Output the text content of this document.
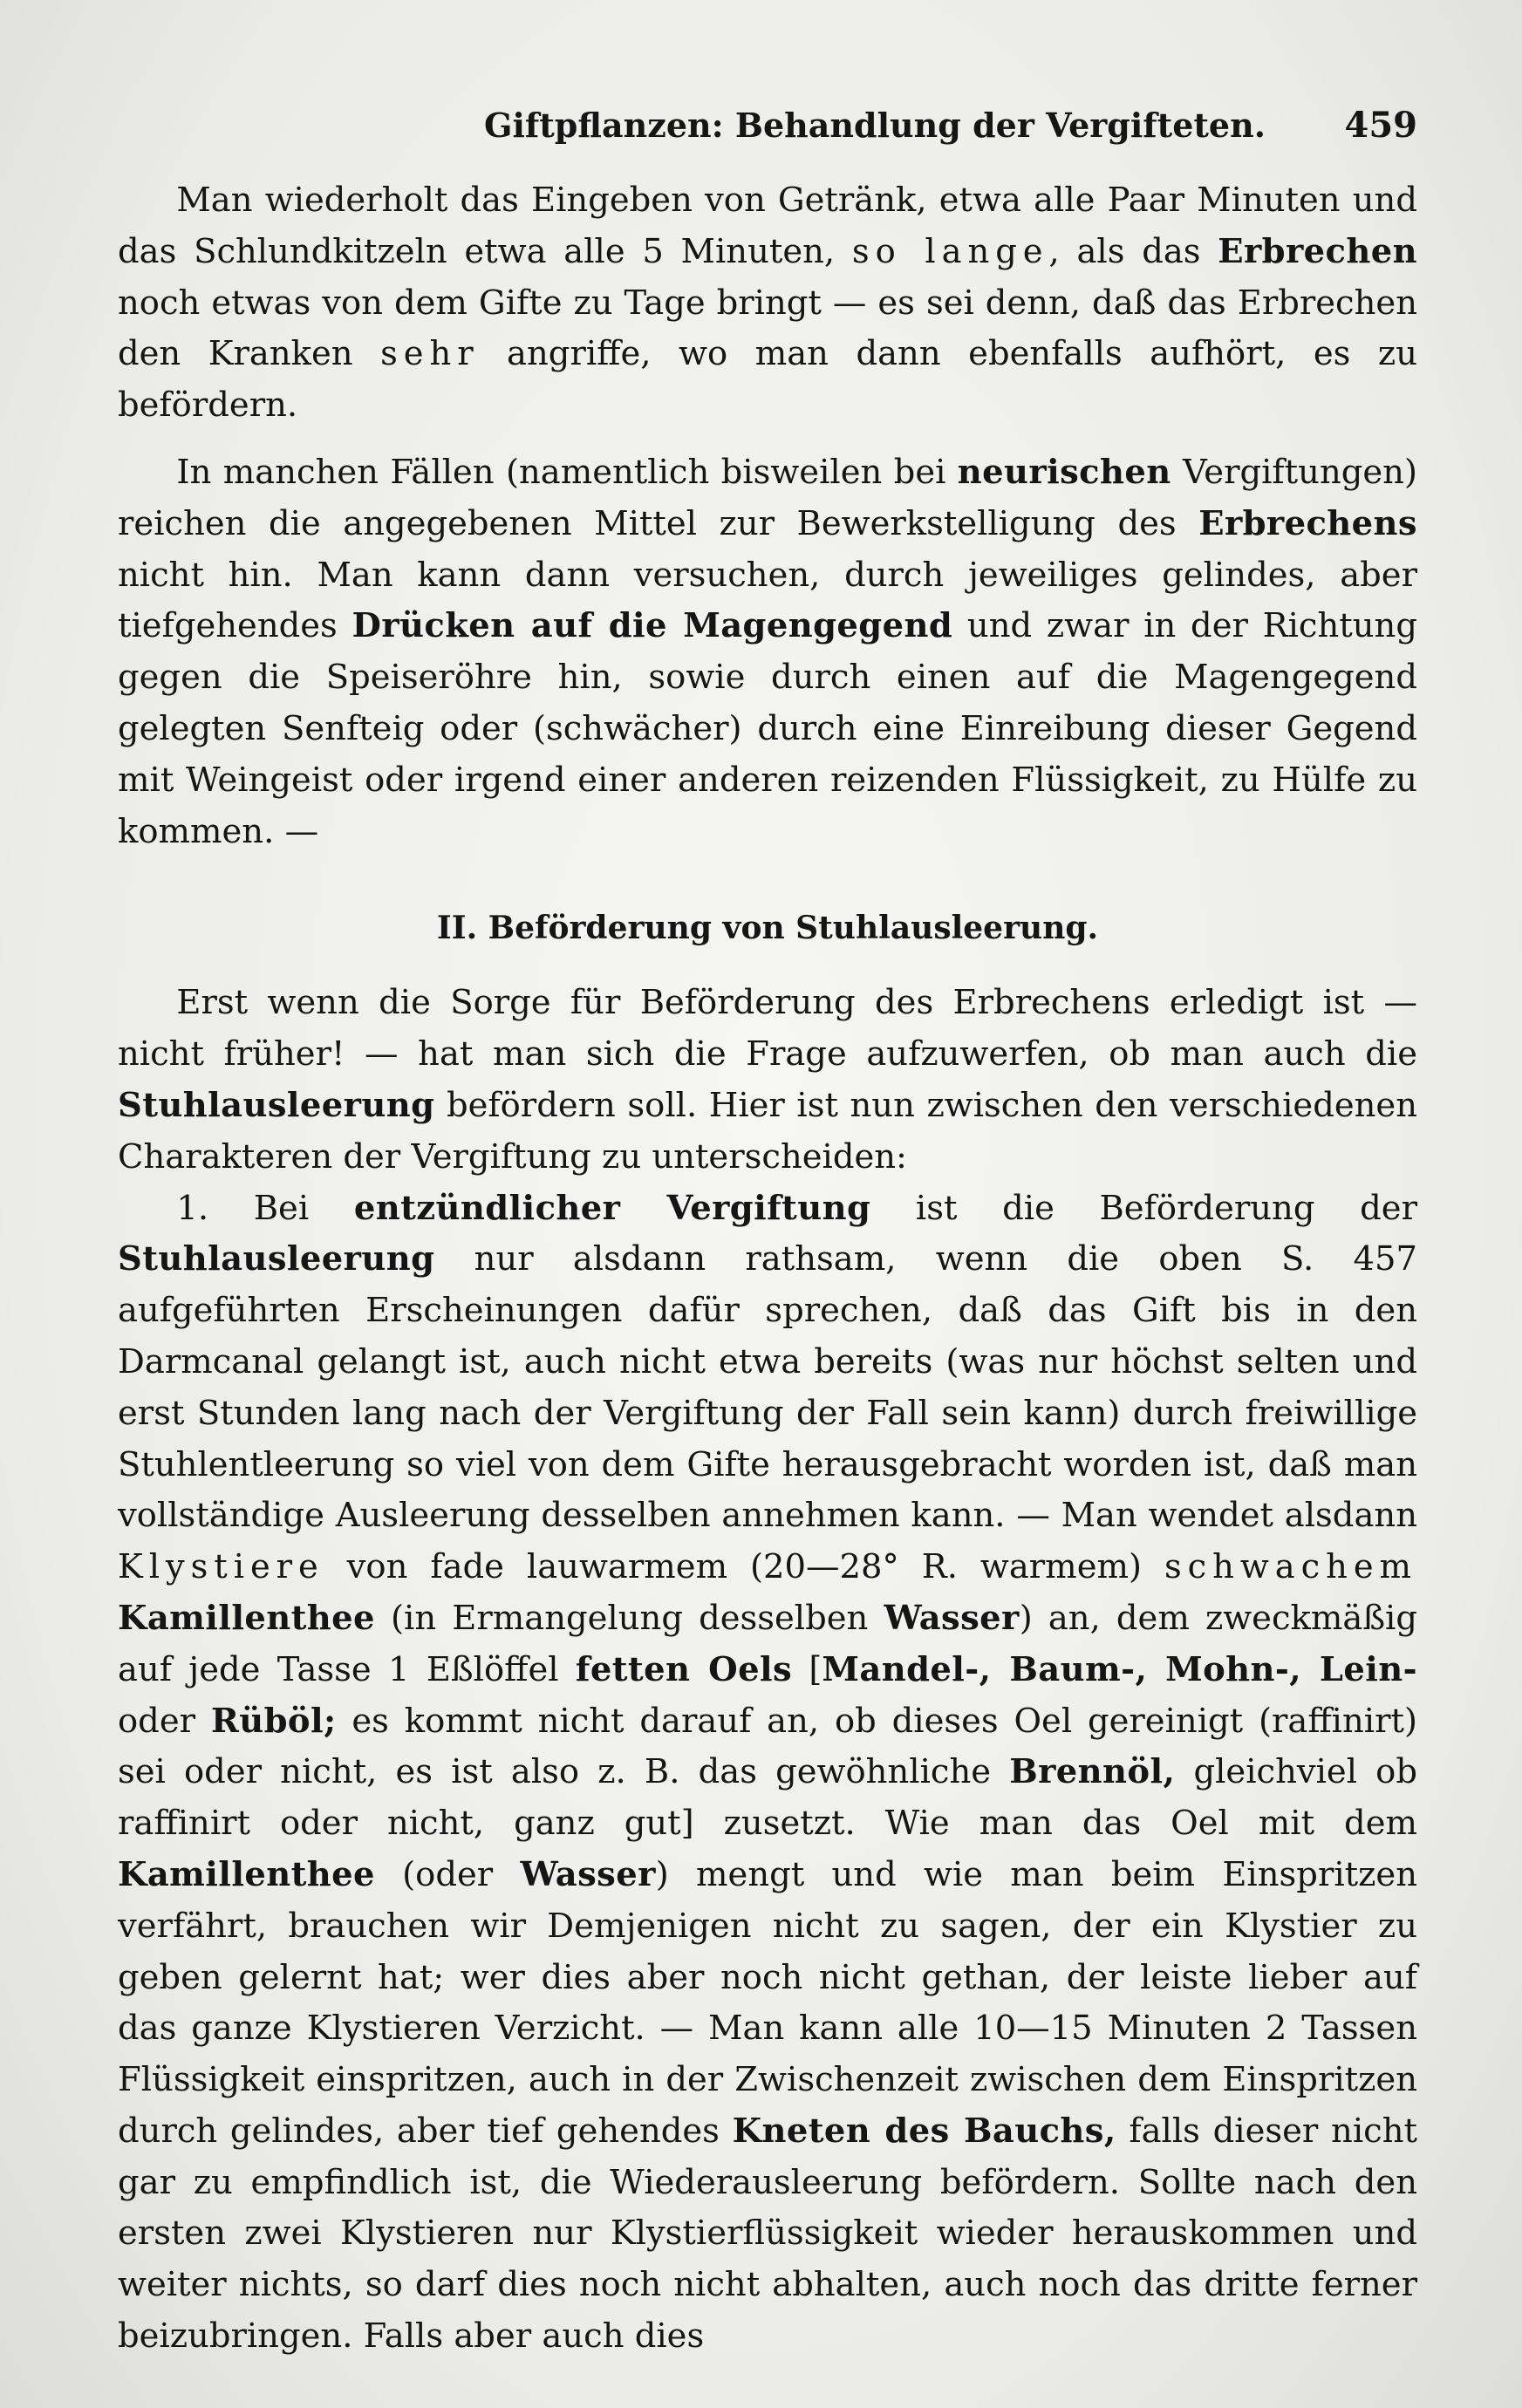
Giftpflanzen: Behandlung der Vergifteten. 459

Man wiederholt das Eingeben von Getränk, etwa alle Paar Minuten und das Schlundkitzeln etwa alle 5 Minuten, so lange, als das Erbrechen noch etwas von dem Gifte zu Tage bringt — es sei denn, daß das Erbrechen den Kranken sehr angriffe, wo man dann ebenfalls aufhört, es zu befördern.

In manchen Fällen (namentlich bisweilen bei neurischen Vergiftungen) reichen die angegebenen Mittel zur Bewerkstelligung des Erbrechens nicht hin. Man kann dann versuchen, durch jeweiliges gelindes, aber tiefgehendes Drücken auf die Magengegend und zwar in der Richtung gegen die Speiseröhre hin, sowie durch einen auf die Magengegend gelegten Senfteig oder (schwächer) durch eine Einreibung dieser Gegend mit Weingeist oder irgend einer anderen reizenden Flüssigkeit, zu Hülfe zu kommen. —

II. Beförderung von Stuhlausleerung.

Erst wenn die Sorge für Beförderung des Erbrechens erledigt ist — nicht früher! — hat man sich die Frage aufzuwerfen, ob man auch die Stuhlausleerung befördern soll. Hier ist nun zwischen den verschiedenen Charakteren der Vergiftung zu unterscheiden:

1. Bei entzündlicher Vergiftung ist die Beförderung der Stuhlausleerung nur alsdann rathsam, wenn die oben S. 457 aufgeführten Erscheinungen dafür sprechen, daß das Gift bis in den Darmcanal gelangt ist, auch nicht etwa bereits (was nur höchst selten und erst Stunden lang nach der Vergiftung der Fall sein kann) durch freiwillige Stuhlentleerung so viel von dem Gifte herausgebracht worden ist, daß man vollständige Ausleerung desselben annehmen kann. — Man wendet alsdann Klystiere von fade lauwarmem (20—28° R. warmem) schwachem Kamillenthee (in Ermangelung desselben Wasser) an, dem zweckmäßig auf jede Tasse 1 Eßlöffel fetten Oels [Mandel-, Baum-, Mohn-, Lein- oder Rüböl; es kommt nicht darauf an, ob dieses Oel gereinigt (raffinirt) sei oder nicht, es ist also z. B. das gewöhnliche Brennöl, gleichviel ob raffinirt oder nicht, ganz gut] zusetzt. Wie man das Oel mit dem Kamillenthee (oder Wasser) mengt und wie man beim Einspritzen verfährt, brauchen wir Demjenigen nicht zu sagen, der ein Klystier zu geben gelernt hat; wer dies aber noch nicht gethan, der leiste lieber auf das ganze Klystieren Verzicht. — Man kann alle 10—15 Minuten 2 Tassen Flüssigkeit einspritzen, auch in der Zwischenzeit zwischen dem Einspritzen durch gelindes, aber tief gehendes Kneten des Bauchs, falls dieser nicht gar zu empfindlich ist, die Wiederausleerung befördern. Sollte nach den ersten zwei Klystieren nur Klystierflüssigkeit wieder herauskommen und weiter nichts, so darf dies noch nicht abhalten, auch noch das dritte ferner beizubringen. Falls aber auch dies
